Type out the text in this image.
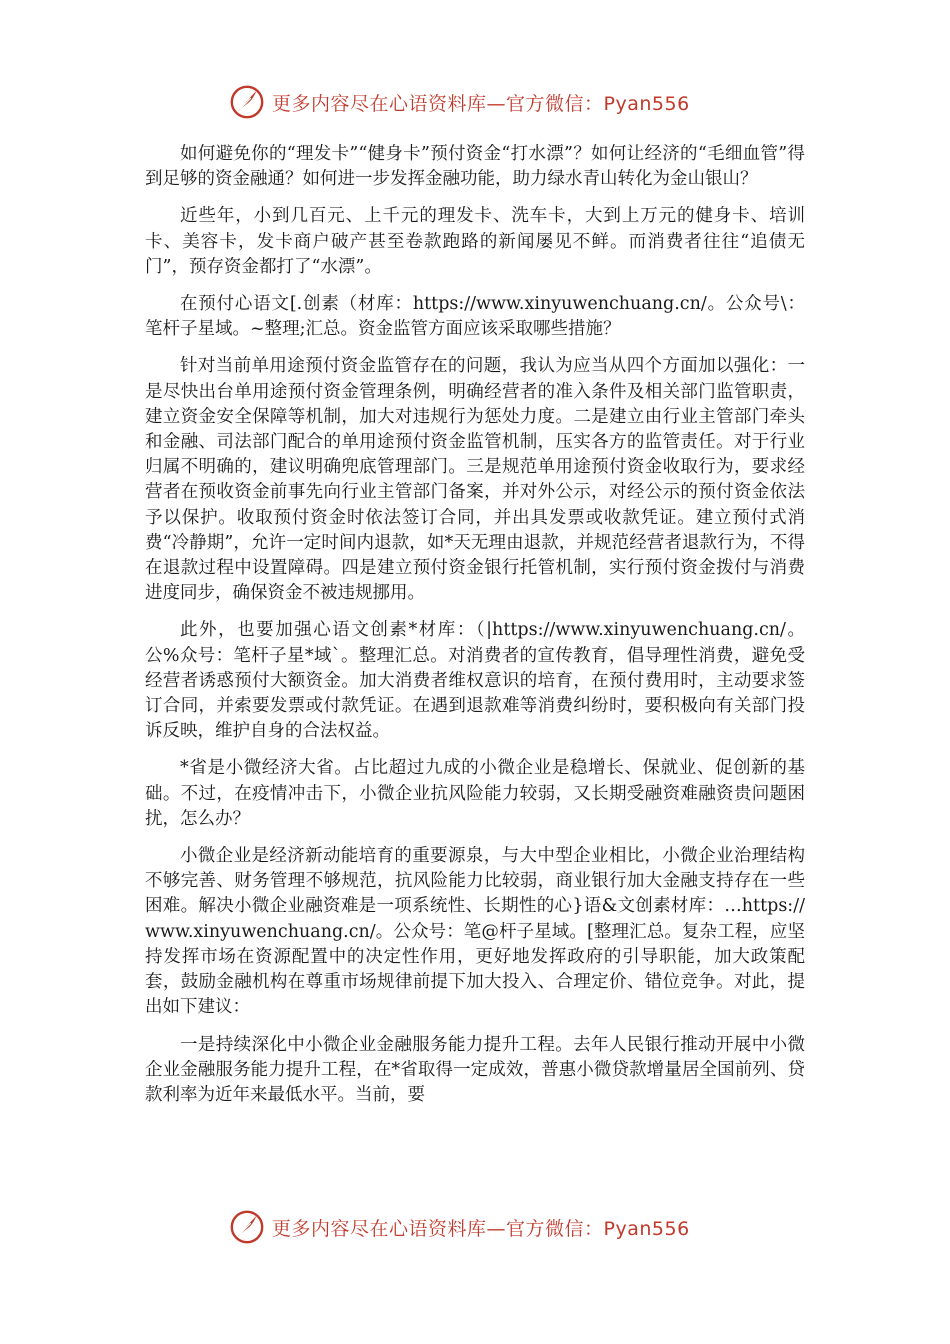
更多内容尽在心语资料库—官方微信：Pyan556

如何避免你的“理发卡”“健身卡”预付资金“打水漂”？如何让经济的“毛细血管”得到足够的资金融通？如何进一步发挥金融功能，助力绿水青山转化为金山银山？

近些年，小到几百元、上千元的理发卡、洗车卡，大到上万元的健身卡、培训卡、美容卡，发卡商户破产甚至卷款跑路的新闻屡见不鲜。而消费者往往“追债无门”，预存资金都打了“水漂”。

在预付心语文[.创素（材库：https://www.xinyuwenchuang.cn/。公众号\：笔杆子星域。~整理;汇总。资金监管方面应该采取哪些措施？

针对当前单用途预付资金监管存在的问题，我认为应当从四个方面加以强化：一是尽快出台单用途预付资金管理条例，明确经营者的准入条件及相关部门监管职责，建立资金安全保障等机制，加大对违规行为惩处力度。二是建立由行业主管部门牵头和金融、司法部门配合的单用途预付资金监管机制，压实各方的监管责任。对于行业归属不明确的，建议明确兜底管理部门。三是规范单用途预付资金收取行为，要求经营者在预收资金前事先向行业主管部门备案，并对外公示，对经公示的预付资金依法予以保护。收取预付资金时依法签订合同，并出具发票或收款凭证。建立预付式消费“冷静期”，允许一定时间内退款，如*天无理由退款，并规范经营者退款行为，不得在退款过程中设置障碍。四是建立预付资金银行托管机制，实行预付资金拨付与消费进度同步，确保资金不被违规挪用。

此外，也要加强心语文创素*材库：（|https://www.xinyuwenchuang.cn/。公%众号：笔杆子星*域`。整理汇总。对消费者的宣传教育，倡导理性消费，避免受经营者诱惑预付大额资金。加大消费者维权意识的培育，在预付费用时，主动要求签订合同，并索要发票或付款凭证。在遇到退款难等消费纠纷时，要积极向有关部门投诉反映，维护自身的合法权益。

*省是小微经济大省。占比超过九成的小微企业是稳增长、保就业、促创新的基础。不过，在疫情冲击下，小微企业抗风险能力较弱，又长期受融资难融资贵问题困扰，怎么办？

小微企业是经济新动能培育的重要源泉，与大中型企业相比，小微企业治理结构不够完善、财务管理不够规范，抗风险能力比较弱，商业银行加大金融支持存在一些困难。解决小微企业融资难是一项系统性、长期性的心}语&文创素材库：…https://www.xinyuwenchuang.cn/。公众号：笔@杆子星域。[整理汇总。复杂工程，应坚持发挥市场在资源配置中的决定性作用，更好地发挥政府的引导职能，加大政策配套，鼓励金融机构在尊重市场规律前提下加大投入、合理定价、错位竞争。对此，提出如下建议：

一是持续深化中小微企业金融服务能力提升工程。去年人民银行推动开展中小微企业金融服务能力提升工程，在*省取得一定成效，普惠小微贷款增量居全国前列、贷款利率为近年来最低水平。当前，要

更多内容尽在心语资料库—官方微信：Pyan556
